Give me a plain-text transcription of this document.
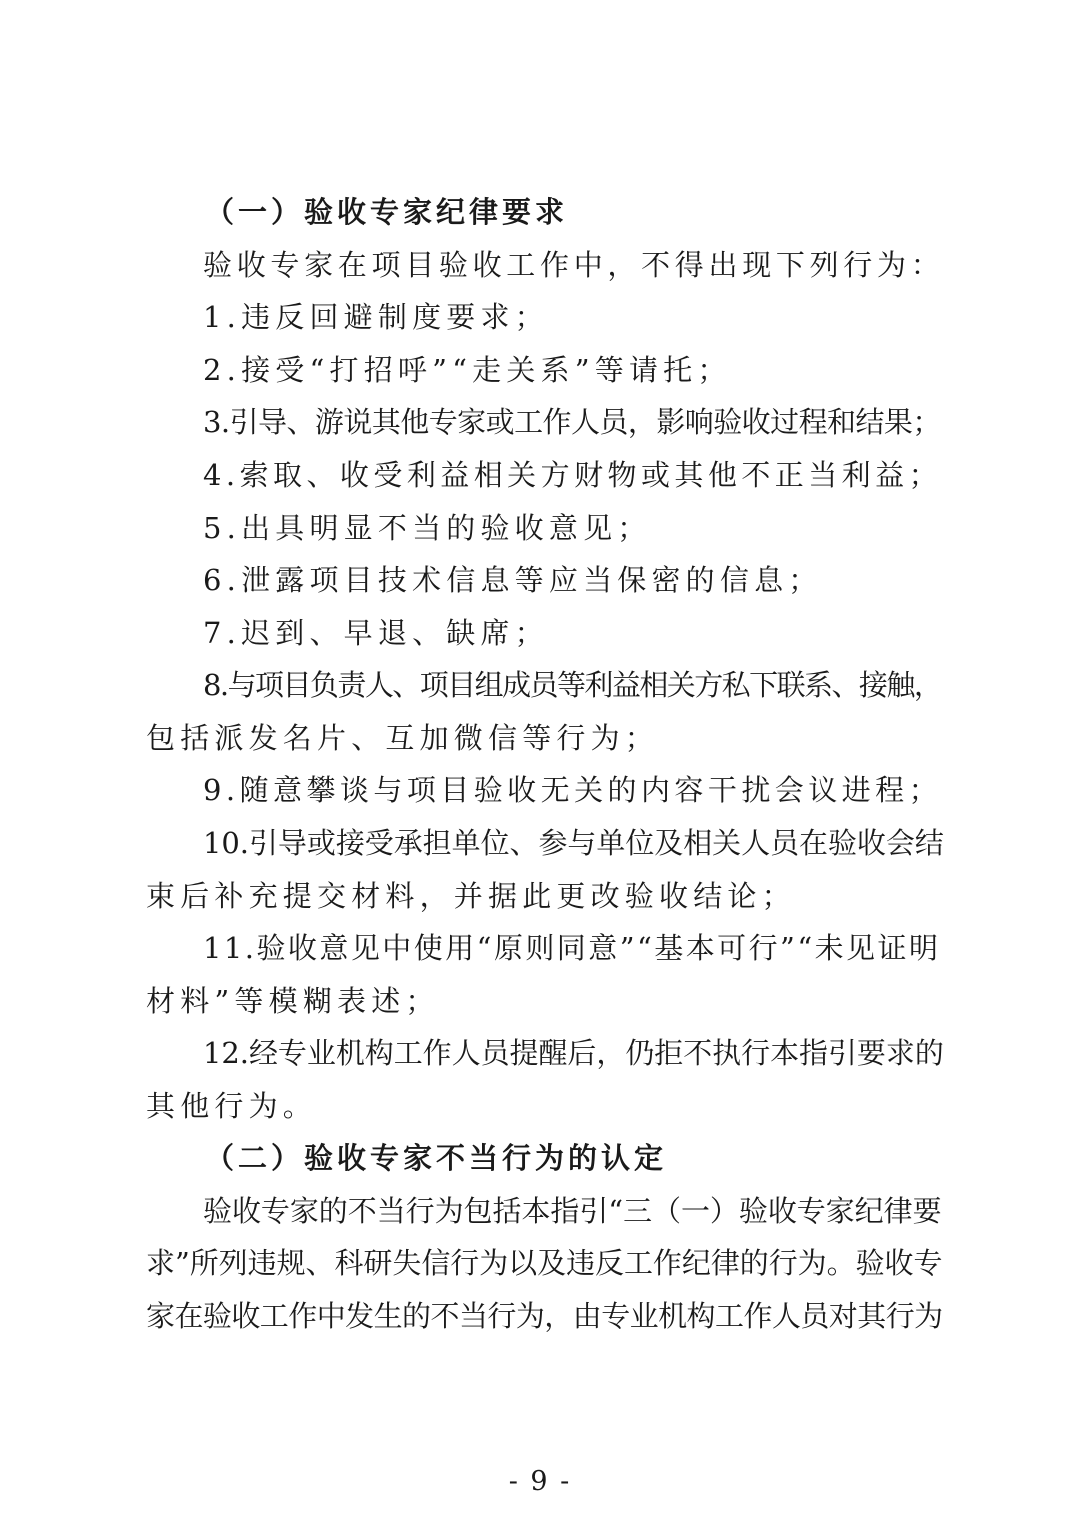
（一）验收专家纪律要求
验收专家在项目验收工作中，不得出现下列行为：
1.违反回避制度要求；
2.接受“打招呼”“走关系”等请托；
3.引导、游说其他专家或工作人员，影响验收过程和结果；
4.索取、收受利益相关方财物或其他不正当利益；
5.出具明显不当的验收意见；
6.泄露项目技术信息等应当保密的信息；
7.迟到、早退、缺席；
8.与项目负责人、项目组成员等利益相关方私下联系、接触，
包括派发名片、互加微信等行为；
9.随意攀谈与项目验收无关的内容干扰会议进程；
10.引导或接受承担单位、参与单位及相关人员在验收会结
束后补充提交材料，并据此更改验收结论；
11.验收意见中使用“原则同意”“基本可行”“未见证明
材料”等模糊表述；
12.经专业机构工作人员提醒后，仍拒不执行本指引要求的
其他行为。
（二）验收专家不当行为的认定
验收专家的不当行为包括本指引“三（一）验收专家纪律要
求”所列违规、科研失信行为以及违反工作纪律的行为。验收专
家在验收工作中发生的不当行为，由专业机构工作人员对其行为
- 9 -
